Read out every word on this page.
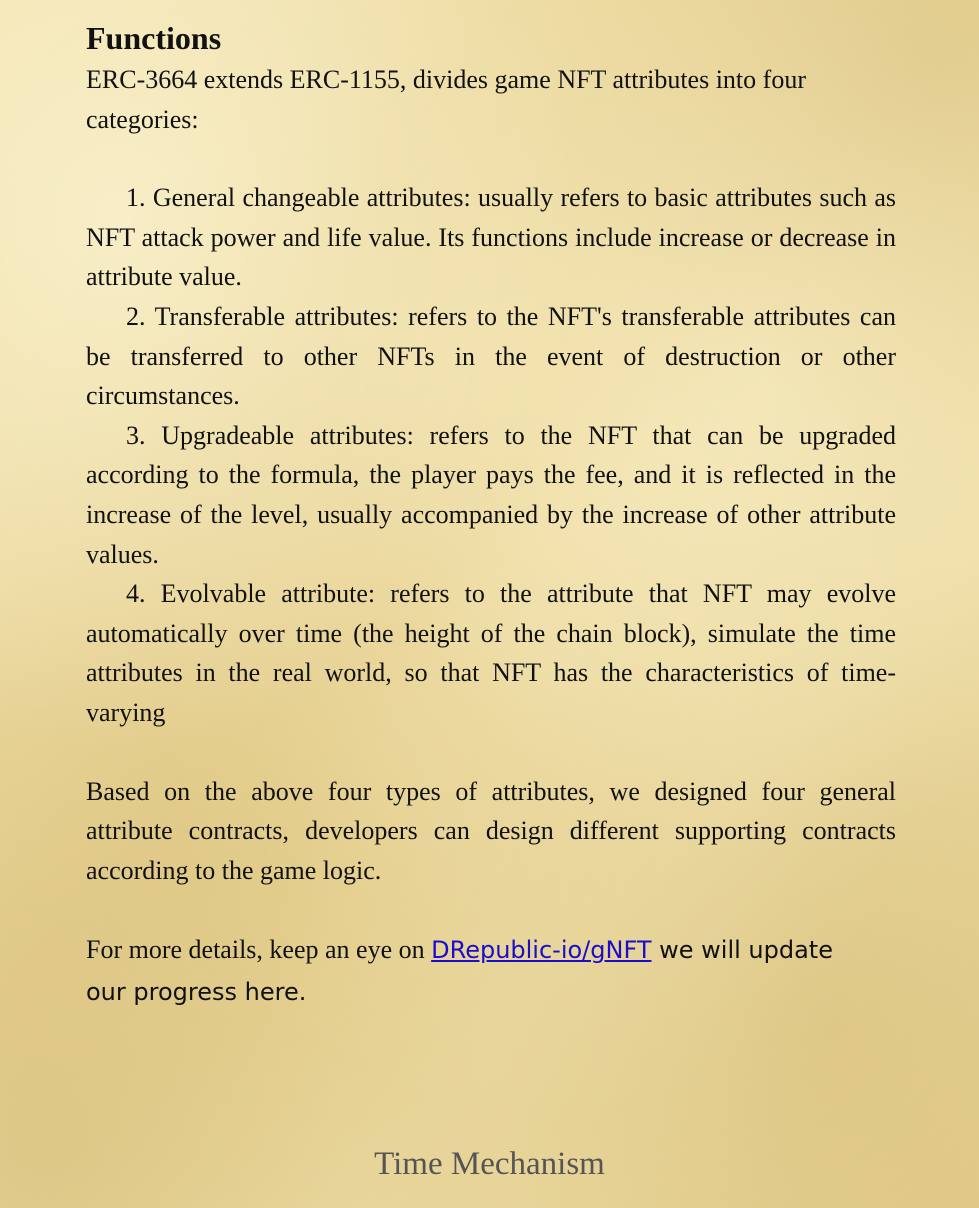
Functions

ERC-3664 extends ERC-1155, divides game NFT attributes into four categories:

1. General changeable attributes: usually refers to basic attributes such as NFT attack power and life value. Its functions include increase or decrease in attribute value.

2. Transferable attributes: refers to the NFT's transferable attributes can be transferred to other NFTs in the event of destruction or other circumstances.

3. Upgradeable attributes: refers to the NFT that can be upgraded according to the formula, the player pays the fee, and it is reflected in the increase of the level, usually accompanied by the increase of other attribute values.

4. Evolvable attribute: refers to the attribute that NFT may evolve automatically over time (the height of the chain block), simulate the time attributes in the real world, so that NFT has the characteristics of time-varying

Based on the above four types of attributes, we designed four general attribute contracts, developers can design different supporting contracts according to the game logic.

For more details, keep an eye on DRepublic-io/gNFT we will update
our progress here.
Time Mechanism
